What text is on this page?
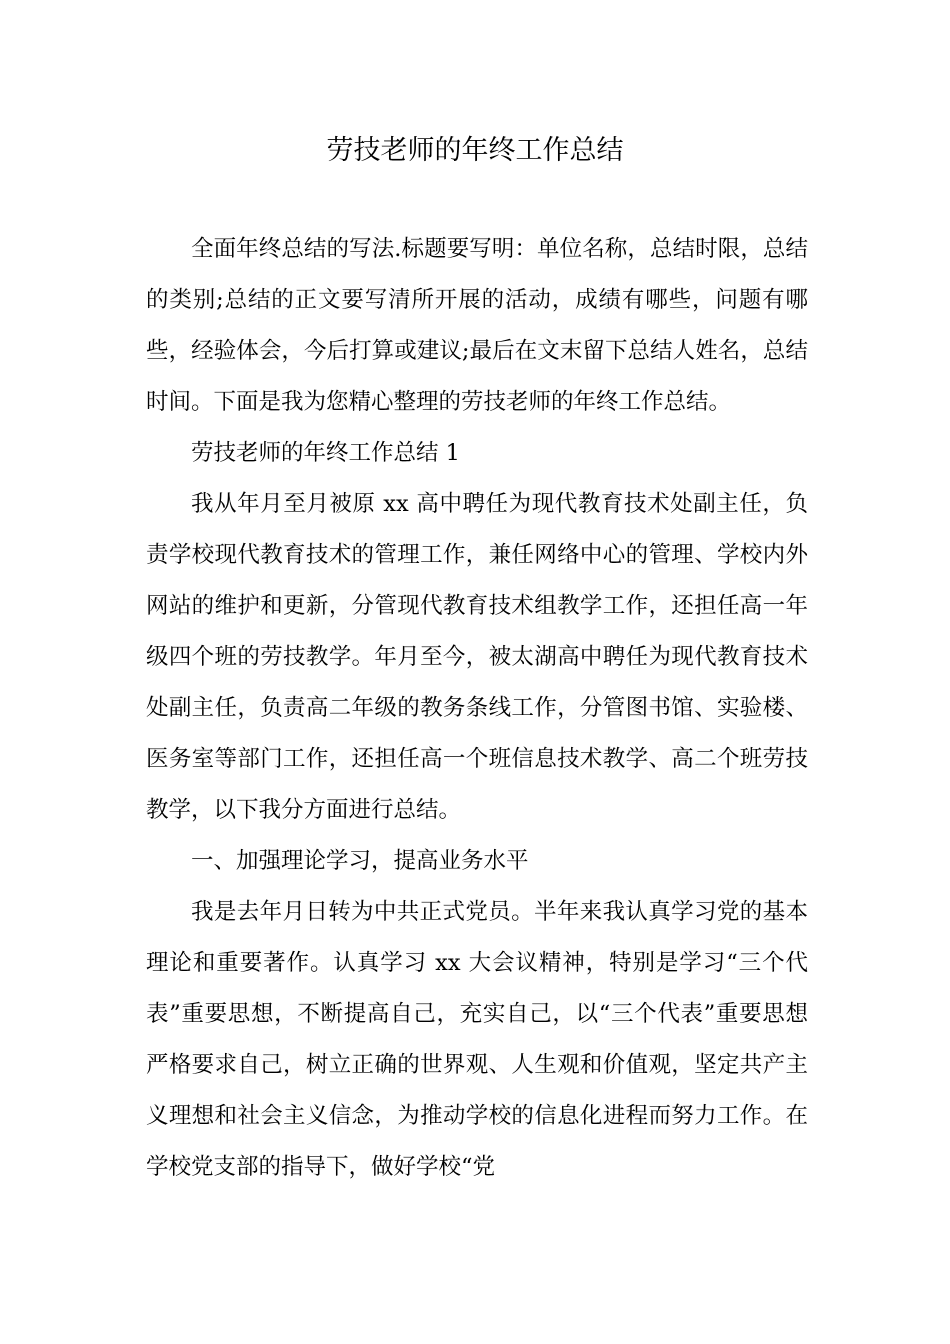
劳技老师的年终工作总结

全面年终总结的写法.标题要写明：单位名称，总结时限，总结的类别;总结的正文要写清所开展的活动，成绩有哪些，问题有哪些，经验体会，今后打算或建议;最后在文末留下总结人姓名，总结时间。下面是我为您精心整理的劳技老师的年终工作总结。

劳技老师的年终工作总结 1

我从年月至月被原 xx 高中聘任为现代教育技术处副主任，负责学校现代教育技术的管理工作，兼任网络中心的管理、学校内外网站的维护和更新，分管现代教育技术组教学工作，还担任高一年级四个班的劳技教学。年月至今，被太湖高中聘任为现代教育技术处副主任，负责高二年级的教务条线工作，分管图书馆、实验楼、医务室等部门工作，还担任高一个班信息技术教学、高二个班劳技教学，以下我分方面进行总结。

一、加强理论学习，提高业务水平

我是去年月日转为中共正式党员。半年来我认真学习党的基本理论和重要著作。认真学习 xx 大会议精神，特别是学习“三个代表”重要思想，不断提高自己，充实自己，以“三个代表”重要思想严格要求自己，树立正确的世界观、人生观和价值观，坚定共产主义理想和社会主义信念，为推动学校的信息化进程而努力工作。在学校党支部的指导下，做好学校“党
